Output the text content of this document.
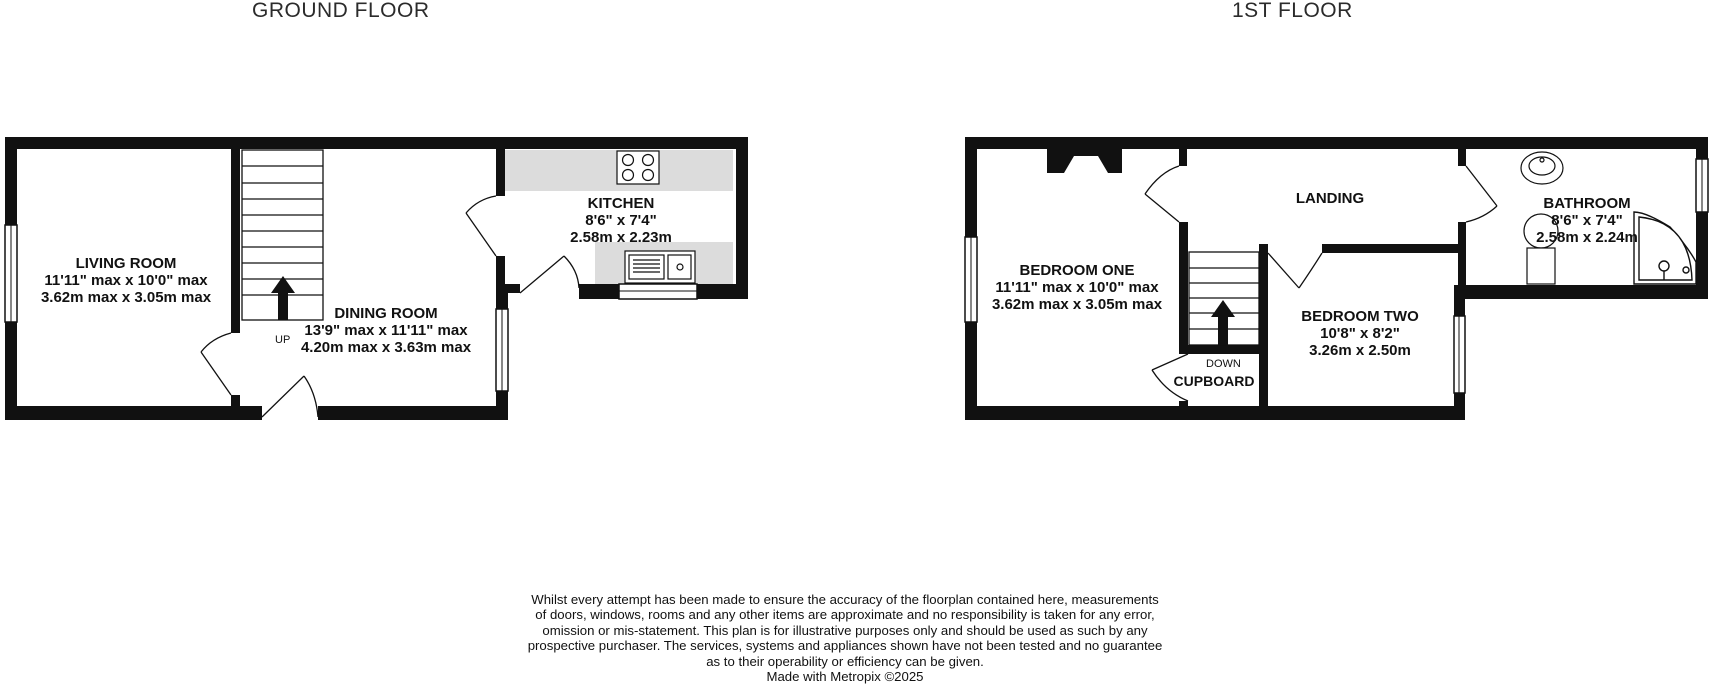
GROUND FLOOR	1ST FLOOR
LIVING ROOM
11'11" max x 10'0" max
3.62m max x 3.05m max
DINING ROOM
13'9" max x 11'11" max
4.20m max x 3.63m max
KITCHEN
8'6" x 7'4"
2.58m x 2.23m
UP
BEDROOM ONE
11'11" max x 10'0" max
3.62m max x 3.05m max
LANDING	BATHROOM
8'6" x 7'4"
2.58m x 2.24m
BEDROOM TWO
10'8" x 8'2"
3.26m x 2.50m
DOWN
CUPBOARD
Whilst every attempt has been made to ensure the accuracy of the floorplan contained here, measurements
of doors, windows, rooms and any other items are approximate and no responsibility is taken for any error,
omission or mis-statement. This plan is for illustrative purposes only and should be used as such by any
prospective purchaser. The services, systems and appliances shown have not been tested and no guarantee
as to their operability or efficiency can be given.
Made with Metropix ©2025
